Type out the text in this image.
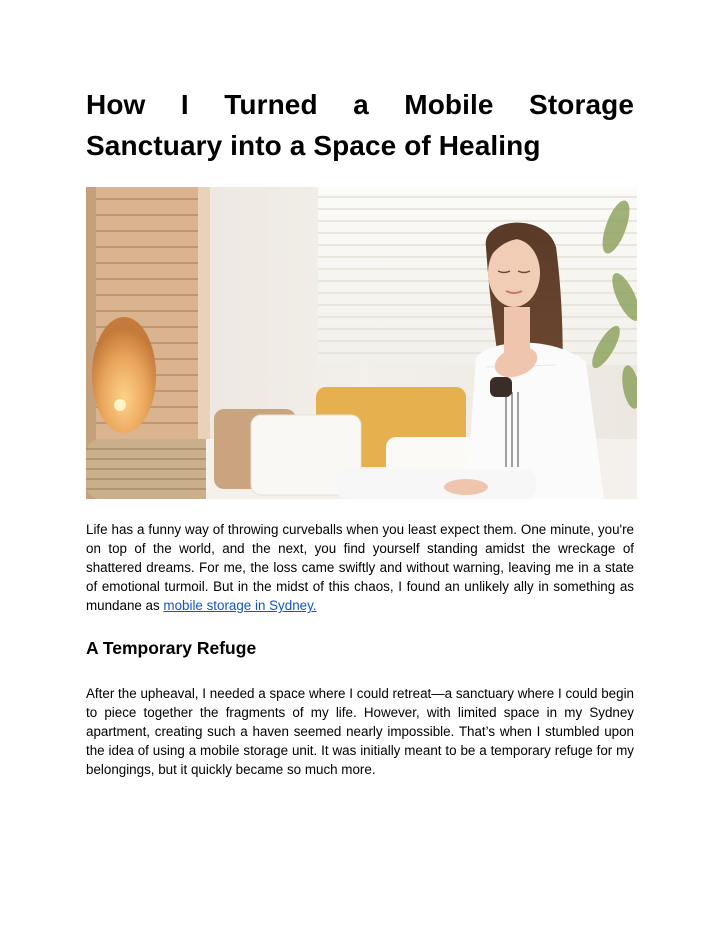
How I Turned a Mobile Storage
Sanctuary into a Space of Healing

Life has a funny way of throwing curveballs when you least expect them. One minute, you're on top of the world, and the next, you find yourself standing amidst the wreckage of shattered dreams. For me, the loss came swiftly and without warning, leaving me in a state of emotional turmoil. But in the midst of this chaos, I found an unlikely ally in something as mundane as mobile storage in Sydney.

A Temporary Refuge

After the upheaval, I needed a space where I could retreat—a sanctuary where I could begin to piece together the fragments of my life. However, with limited space in my Sydney apartment, creating such a haven seemed nearly impossible. That’s when I stumbled upon the idea of using a mobile storage unit. It was initially meant to be a temporary refuge for my belongings, but it quickly became so much more.
